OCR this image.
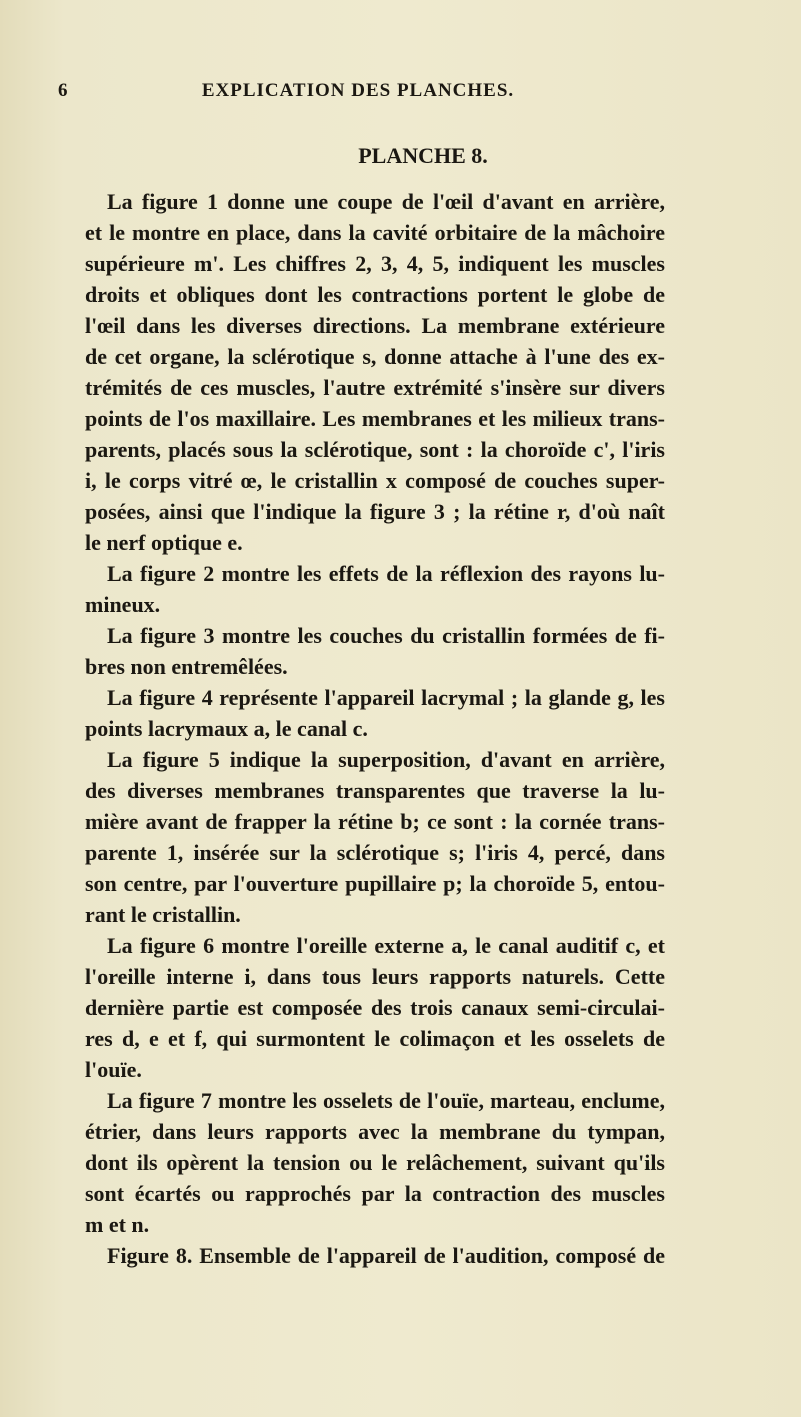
6	EXPLICATION DES PLANCHES.
PLANCHE 8.
La figure 1 donne une coupe de l'œil d'avant en arrière,
et le montre en place, dans la cavité orbitaire de la mâchoire
supérieure m'. Les chiffres 2, 3, 4, 5, indiquent les muscles
droits et obliques dont les contractions portent le globe de
l'œil dans les diverses directions. La membrane extérieure
de cet organe, la sclérotique s, donne attache à l'une des ex-
trémités de ces muscles, l'autre extrémité s'insère sur divers
points de l'os maxillaire. Les membranes et les milieux trans-
parents, placés sous la sclérotique, sont : la choroïde c', l'iris
i, le corps vitré œ, le cristallin x composé de couches super-
posées, ainsi que l'indique la figure 3 ; la rétine r, d'où naît
le nerf optique e.
La figure 2 montre les effets de la réflexion des rayons lu-
mineux.
La figure 3 montre les couches du cristallin formées de fi-
bres non entremêlées.
La figure 4 représente l'appareil lacrymal ; la glande g, les
points lacrymaux a, le canal c.
La figure 5 indique la superposition, d'avant en arrière,
des diverses membranes transparentes que traverse la lu-
mière avant de frapper la rétine b; ce sont : la cornée trans-
parente 1, insérée sur la sclérotique s; l'iris 4, percé, dans
son centre, par l'ouverture pupillaire p; la choroïde 5, entou-
rant le cristallin.
La figure 6 montre l'oreille externe a, le canal auditif c, et
l'oreille interne i, dans tous leurs rapports naturels. Cette
dernière partie est composée des trois canaux semi-circulai-
res d, e et f, qui surmontent le colimaçon et les osselets de
l'ouïe.
La figure 7 montre les osselets de l'ouïe, marteau, enclume,
étrier, dans leurs rapports avec la membrane du tympan,
dont ils opèrent la tension ou le relâchement, suivant qu'ils
sont écartés ou rapprochés par la contraction des muscles
m et n.
Figure 8. Ensemble de l'appareil de l'audition, composé de
